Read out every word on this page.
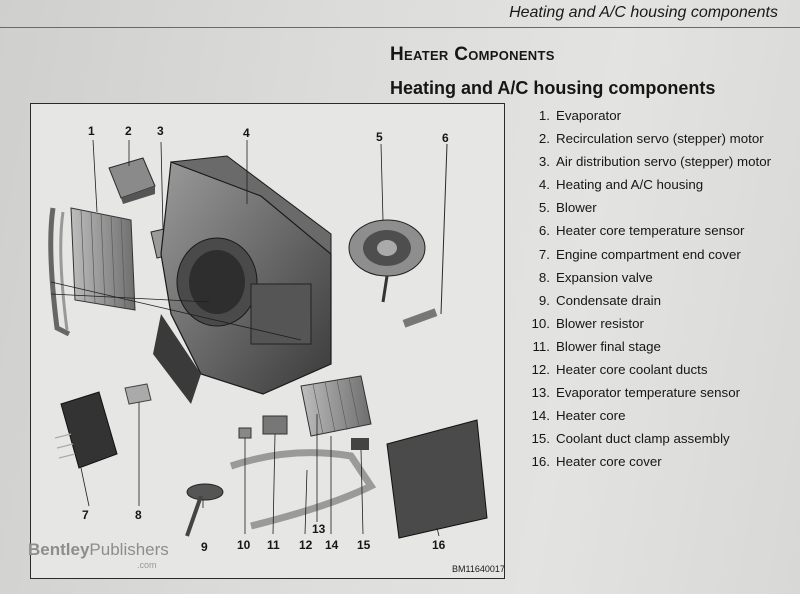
Heating and A/C housing components
Heater Components
Heating and A/C housing components
1	2 3	4	5	6
7	8
9 10 11 12
13
14 15	16
BentleyPublishers
.com	BM11640017
1. Evaporator
2. Recirculation servo (stepper) motor
3. Air distribution servo (stepper) motor
4. Heating and A/C housing
5. Blower
6. Heater core temperature sensor
7. Engine compartment end cover
8. Expansion valve
9. Condensate drain
10. Blower resistor
11. Blower final stage
12. Heater core coolant ducts
13. Evaporator temperature sensor
14. Heater core
15. Coolant duct clamp assembly
16. Heater core cover
